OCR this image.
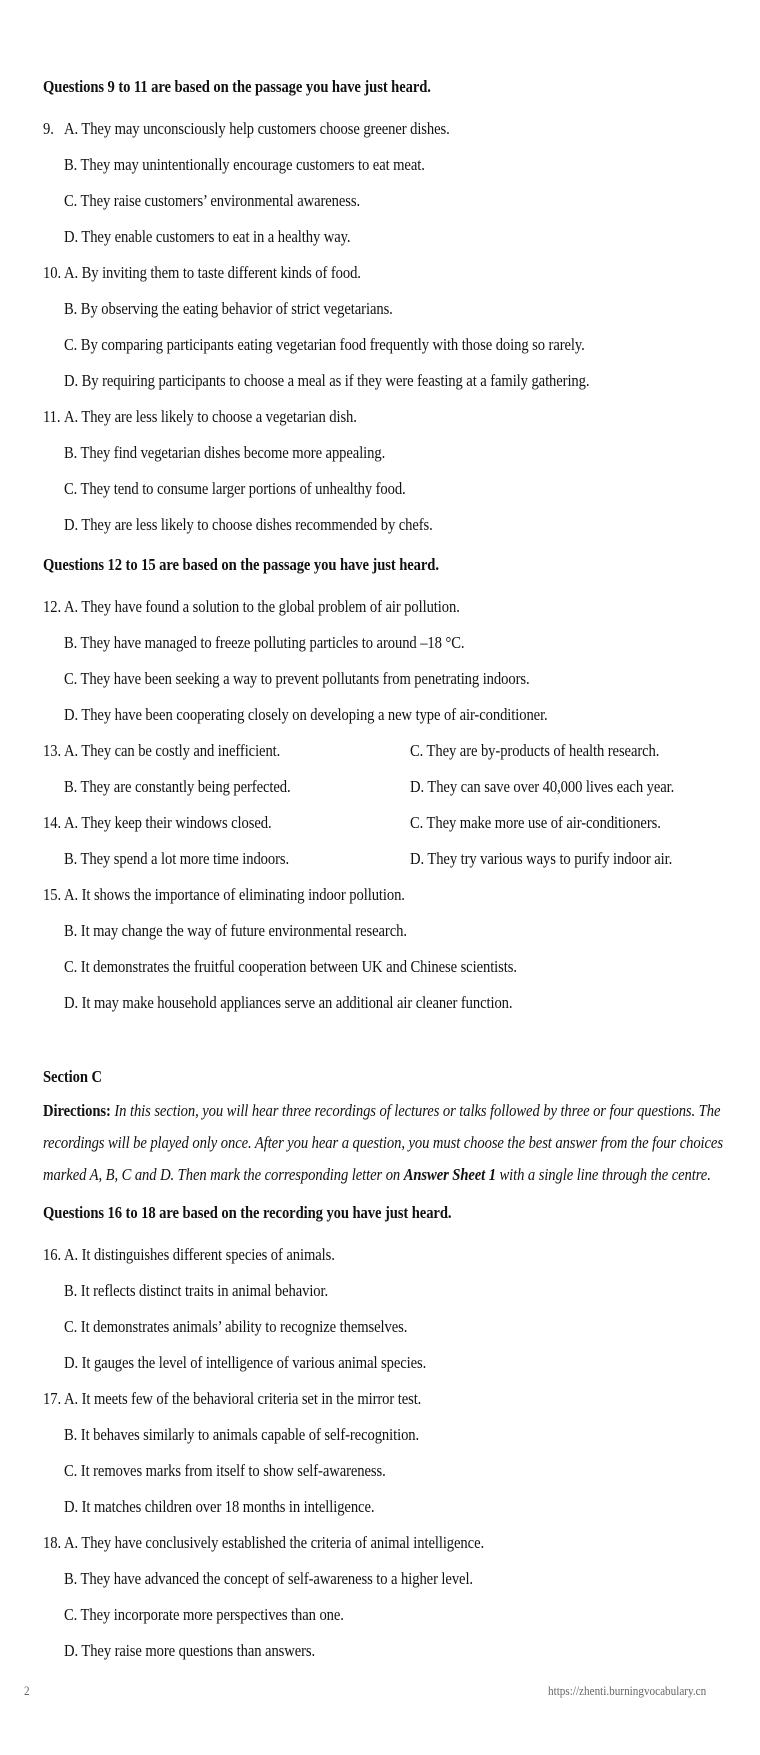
Questions 9 to 11 are based on the passage you have just heard.
9. A. They may unconsciously help customers choose greener dishes.
B. They may unintentionally encourage customers to eat meat.
C. They raise customers’ environmental awareness.
D. They enable customers to eat in a healthy way.
10. A. By inviting them to taste different kinds of food.
B. By observing the eating behavior of strict vegetarians.
C. By comparing participants eating vegetarian food frequently with those doing so rarely.
D. By requiring participants to choose a meal as if they were feasting at a family gathering.
11. A. They are less likely to choose a vegetarian dish.
B. They find vegetarian dishes become more appealing.
C. They tend to consume larger portions of unhealthy food.
D. They are less likely to choose dishes recommended by chefs.
Questions 12 to 15 are based on the passage you have just heard.
12. A. They have found a solution to the global problem of air pollution.
B. They have managed to freeze polluting particles to around –18 °C.
C. They have been seeking a way to prevent pollutants from penetrating indoors.
D. They have been cooperating closely on developing a new type of air-conditioner.
13. A. They can be costly and inefficient.	C. They are by-products of health research.
B. They are constantly being perfected.	D. They can save over 40,000 lives each year.
14. A. They keep their windows closed.	C. They make more use of air-conditioners.
B. They spend a lot more time indoors.	D. They try various ways to purify indoor air.
15. A. It shows the importance of eliminating indoor pollution.
B. It may change the way of future environmental research.
C. It demonstrates the fruitful cooperation between UK and Chinese scientists.
D. It may make household appliances serve an additional air cleaner function.
Section C
Directions: In this section, you will hear three recordings of lectures or talks followed by three or four questions. The
recordings will be played only once. After you hear a question, you must choose the best answer from the four choices
marked A, B, C and D. Then mark the corresponding letter on Answer Sheet 1 with a single line through the centre.
Questions 16 to 18 are based on the recording you have just heard.
16. A. It distinguishes different species of animals.
B. It reflects distinct traits in animal behavior.
C. It demonstrates animals’ ability to recognize themselves.
D. It gauges the level of intelligence of various animal species.
17. A. It meets few of the behavioral criteria set in the mirror test.
B. It behaves similarly to animals capable of self-recognition.
C. It removes marks from itself to show self-awareness.
D. It matches children over 18 months in intelligence.
18. A. They have conclusively established the criteria of animal intelligence.
B. They have advanced the concept of self-awareness to a higher level.
C. They incorporate more perspectives than one.
D. They raise more questions than answers.
2	https://zhenti.burningvocabulary.cn
